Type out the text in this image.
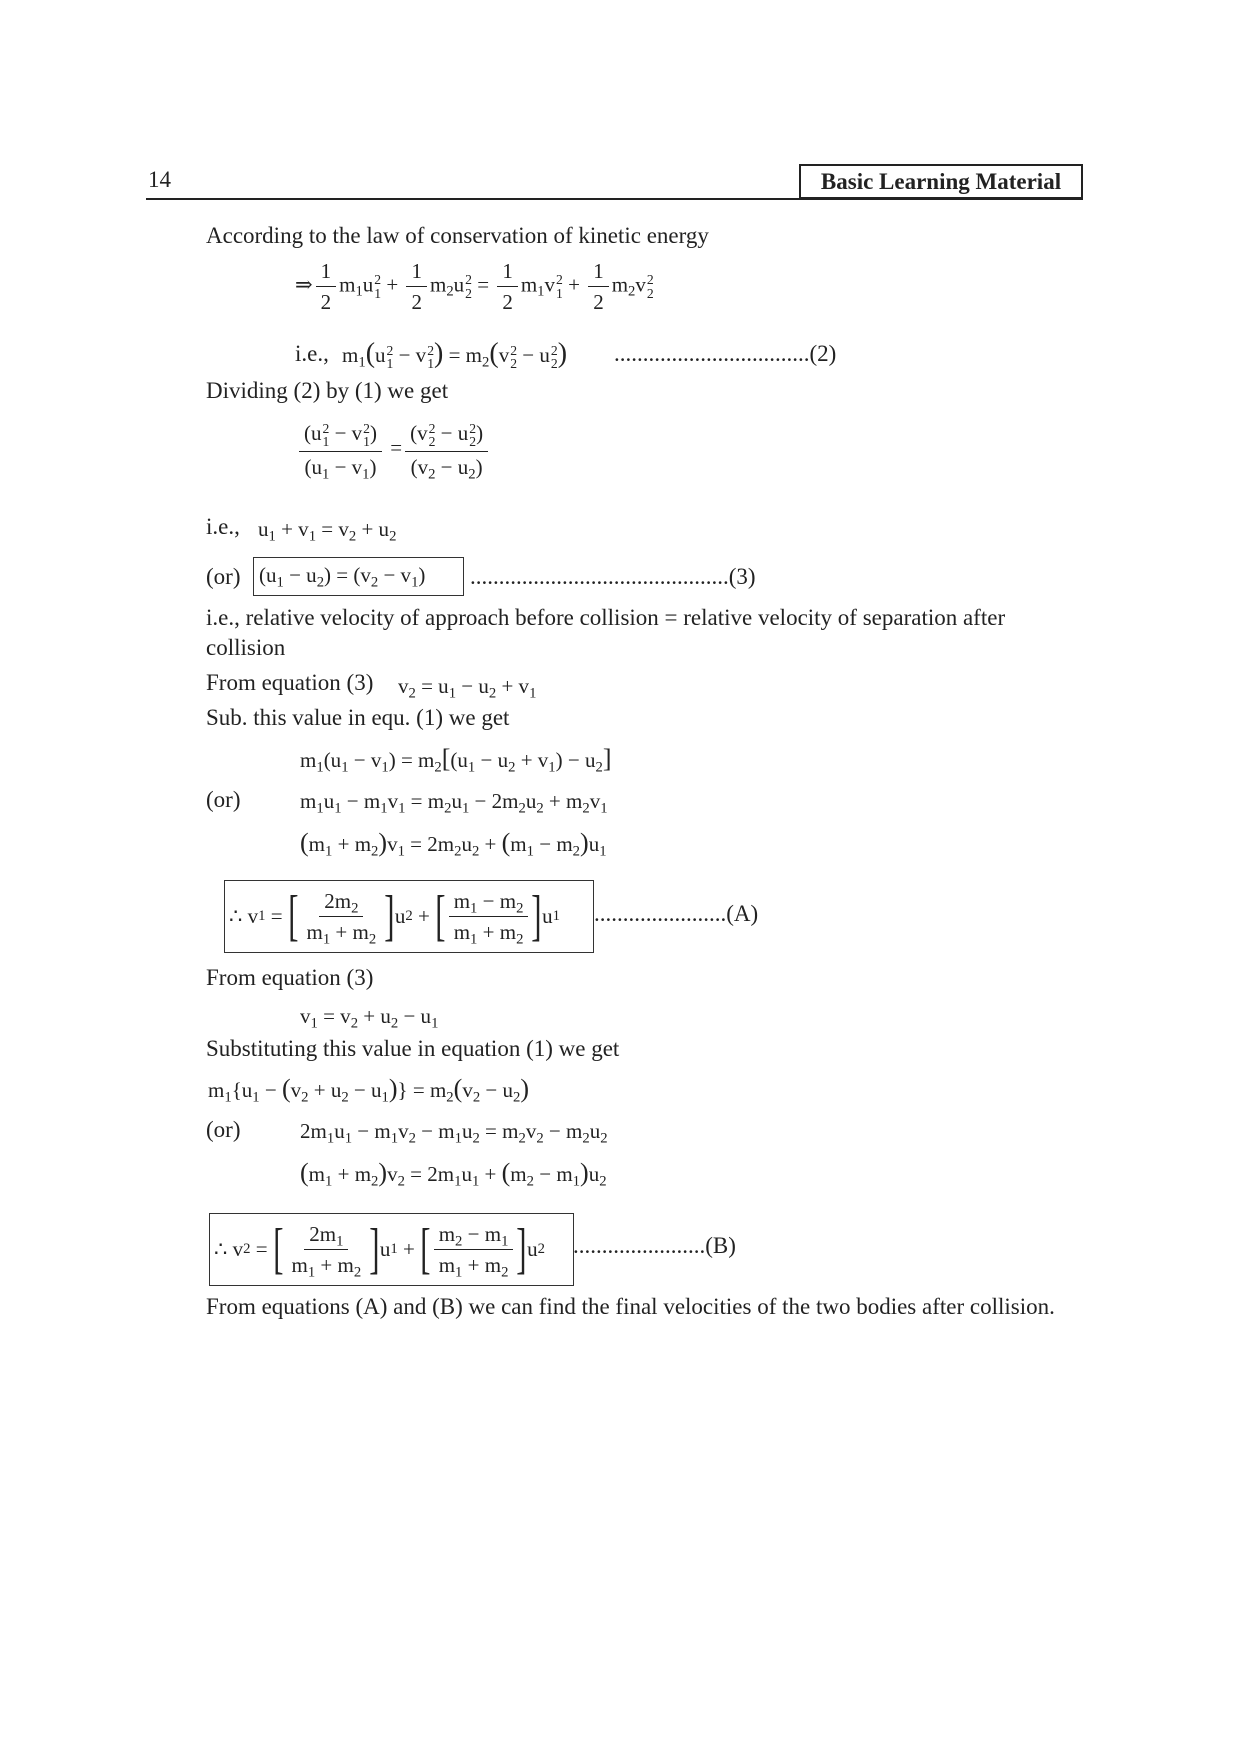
14	Basic Learning Material
According to the law of conservation of kinetic energy
⇒ $\frac{1}{2} m_1u$ 2
$1 + \frac{1}{2} m_2u$ 2
$2 = \frac{1}{2} m_1v$ 2
$1 + \frac{1}{2} m_2v$ 2
2
i.e., $m_1(u$ 2
1 − v 2
1 ) = $m_2(v$ 2
2 − u 2
2 ) ..................................(2)
Dividing (2) by (1) we get
(u 2
1 − v 2
1 )
$(u_1 - v_1) = (v$ 2
2 − u 2
2 )
$(v_2 - u_2)$
i.e., $u_1 + v_1 = v_2 + u_2$
(or) $(u_1 - u_2) = (v_2 - v_1)$ .............................................(3)
i.e., relative velocity of approach before collision = relative velocity of separation after
collision
From equation (3) $v_2 = u_1 - u_2 + v_1$
Sub. this value in equ. (1) we get
$m_1(u_1 - v_1) = m_2[(u_1 - u_2 + v_1) - u_2]$
(or)	$m_1u_1 - m_1v_1 = m_2u_1 - 2m_2u_2 + m_2v_1$
$(m_1 + m_2)v_1 = 2m_2u_2 + (m_1 - m_2)u_1$
∴ v 1 = [ $\frac{2m_2}{m_1 + m_2}$ ] u 2 + [ $\frac{m_1 - m_2}{m_1 + m_2}$ ] u 1 .......................(A)
From equation (3)
$v_1 = v_2 + u_2 - u_1$
Substituting this value in equation (1) we get
$m_1\{u_1 - (v_2 + u_2 - u_1)\} = m_2(v_2 - u_2)$
(or)	$2m_1u_1 - m_1v_2 - m_1u_2 = m_2v_2 - m_2u_2$
$(m_1 + m_2)v_2 = 2m_1u_1 + (m_2 - m_1)u_2$
∴ v 2 = [ $\frac{2m_1}{m_1 + m_2}$ ] u 1 + [ $\frac{m_2 - m_1}{m_1 + m_2}$ ] u 2 .......................(B)
From equations (A) and (B) we can find the final velocities of the two bodies after collision.
